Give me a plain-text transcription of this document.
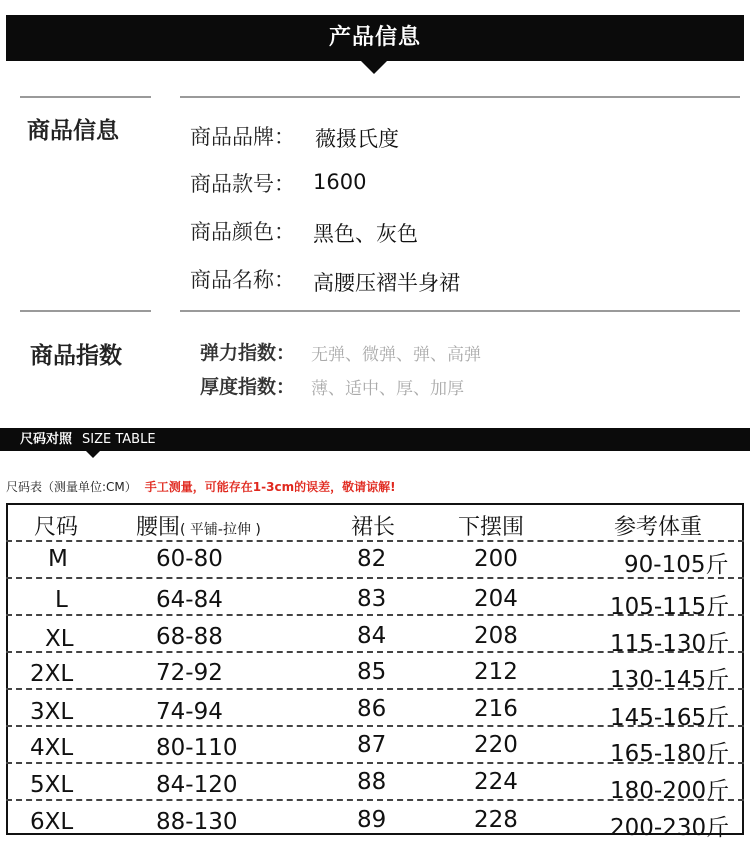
产品信息
商品信息	商品品牌： 薇摄氏度
商品款号： 1600
商品颜色： 黑色、灰色
商品名称： 高腰压褶半身裙
商品指数	弹力指数： 无弹、微弹、弹、高弹
厚度指数： 薄、适中、厚、加厚
尺码对照 SIZE TABLE
尺码表（测量单位:CM） 手工测量，可能存在1-3cm的误差，敬请谅解!
尺码	腰围( 平铺-拉伸 )	裙长	下摆围	参考体重
M	60-80	82	200	90-105斤
L	64-84	83	204	105-115斤
XL	68-88	84	208	115-130斤
2XL	72-92	85	212	130-145斤
3XL	74-94	86	216	145-165斤
4XL	80-110	87	220	165-180斤
5XL	84-120	88	224	180-200斤
6XL	88-130	89	228	200-230斤
